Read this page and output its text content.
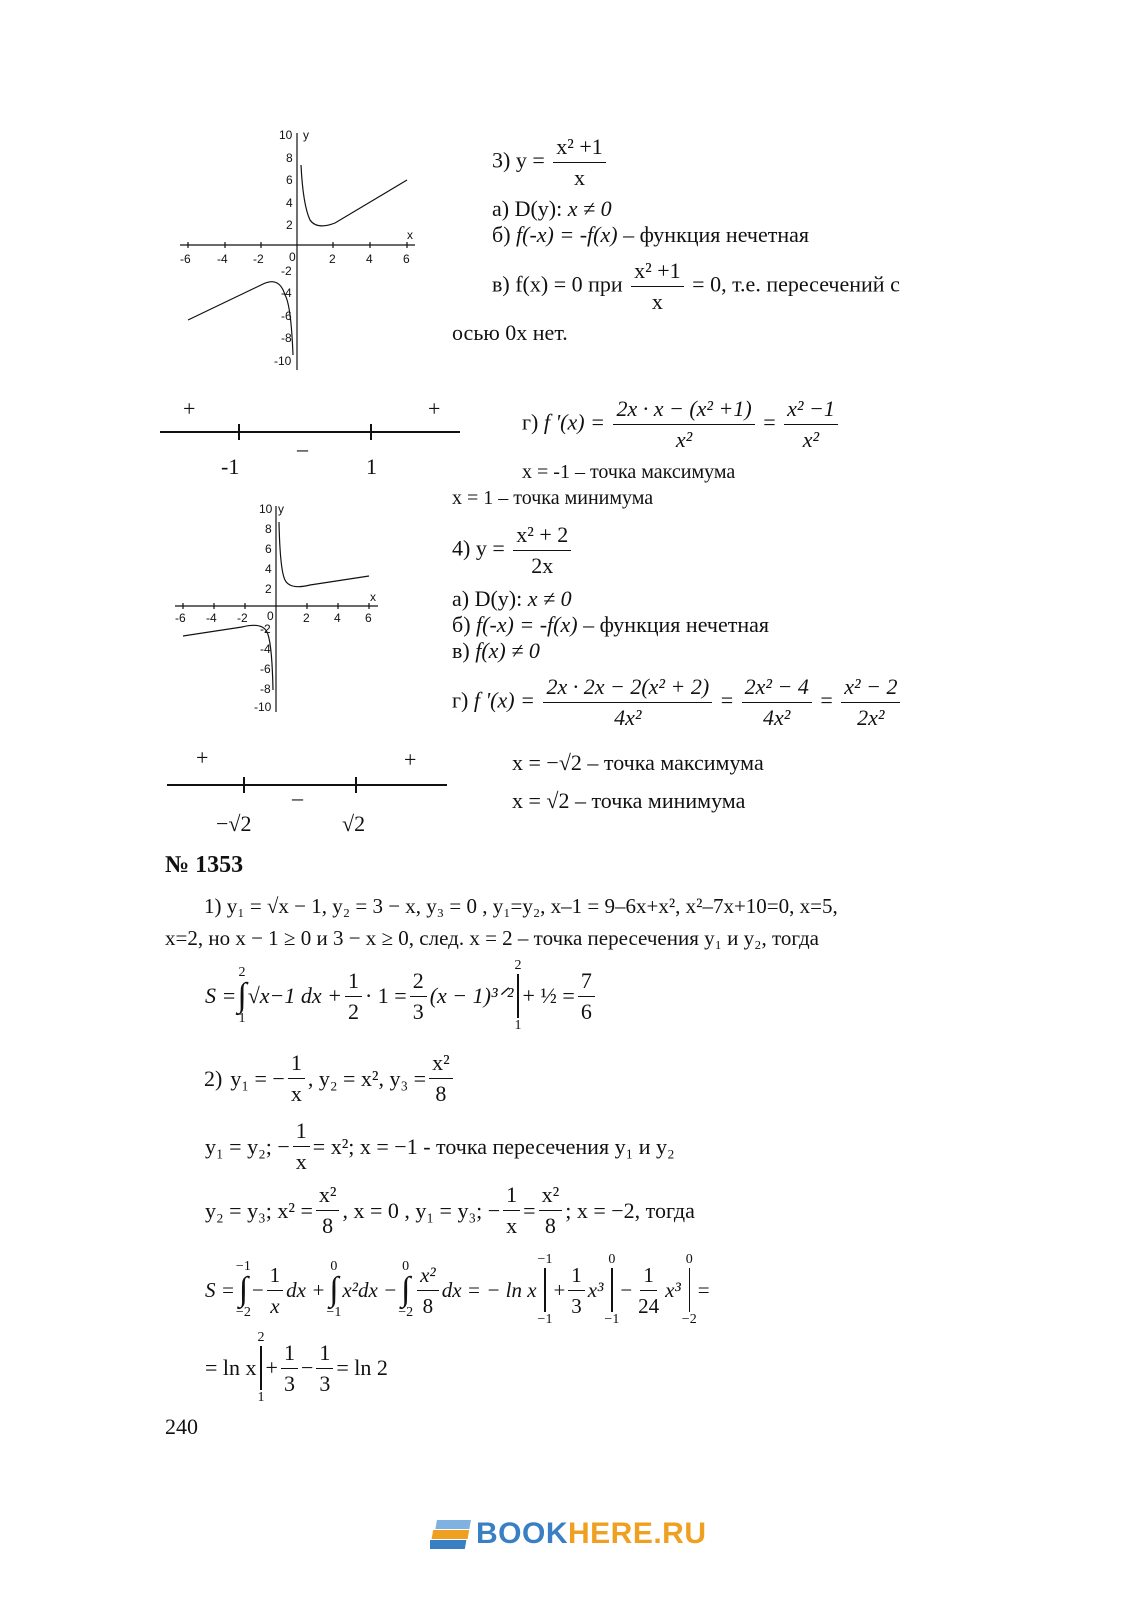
y
x
0
-6 -4 -2	2	4	6
10
8
6
4
2
-2
-4
-6
-8
-10
3) $y = \frac{\text{x² +1}}{x}$
а) D(y): x ≠ 0
б) f(-x) = -f(x) – функция нечетная
в) f(x) = 0 при $\frac{\text{x² +1}}{x} = 0$, т.е. пересечений с
осью 0x нет.
+
–
+
-1	1
г) f '$(x) = \frac{\text{2x · x − (x² +1)}}{\text{x²}} = \frac{\text{x² −1}}{\text{x²}}$
x = -1 – точка максимума
x = 1 – точка минимума
y
x
0
-6 -4 -2	2 4 6
10
8
6
4
2
-2
-4
-6
-8
-10
4) $y = \frac{\text{x² + 2}}{2x}$
а) D(y): x ≠ 0
б) f(-x) = -f(x) – функция нечетная
в) f(x) ≠ 0
г) f '$(x) = \frac{\text{2x · 2x − 2(x² + 2)}}{\text{4x²}} = \frac{\text{2x² − 4}}{\text{4x²}} = \frac{\text{x² − 2}}{\text{2x²}}$
x = −√2 – точка максимума
x = √2 – точка минимума
+
–
+
−√2	√2
№ 1353
1) y₁ = √x − 1, y₂ = 3 − x, y₃ = 0 , y₁=y₂, x–1 = 9–6x+x², x²–7x+10=0, x=5,
x=2, но x − 1 ≥ 0 и 3 − x ≥ 0, след. x = 2 – точка пересечения y₁ и y₂, тогда
S =
2
∫
1
√x−1 dx + $\frac{1}{2} \cdot 1 = \frac{2}{3} (x$ − 1)³ᐟ²
2
1
+ ½ = $\frac{7}{6}$
2) y₁ = − $\frac{1}{x}$ , y₂ = x², $y_3 = \frac{\text{x²}}{8}$
y₁ = y₂; − $\frac{1}{x} = x^2$; x = −1 - точка пересечения y₁ и y₂
y₂ = y₃; $x^2 = \frac{\text{x²}}{8}$ , x = 0 , y₁ = y₃; − $\frac{1}{x} = \frac{\text{x²}}{8}$ ; x = −2, тогда
S =
−1
∫
−2
− $\frac{1}{x}$ dx +
0
∫
−1
x²dx −
0
∫
$-2 \frac{\text{x²}}{8}$ dx = − ln x
−1
−1
+ $\frac{1}{3} x^3$
0
−1
− $\frac{1}{24} x^3$
0
−2
=
= ln x
2
1
+ $\frac{1}{3} - \frac{1}{3} = \ln 2$
240
BOOKHERE.RU
